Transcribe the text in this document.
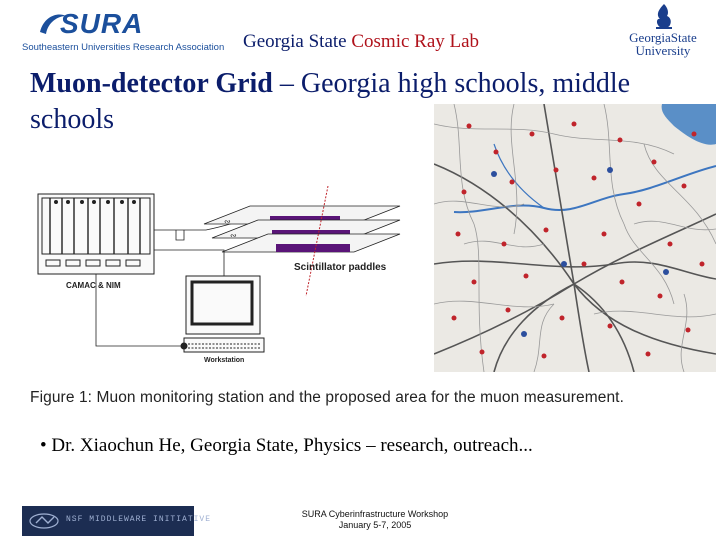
SURA
Southeastern Universities Research Association Georgia State Cosmic Ray Lab	GeorgiaState
University
Muon-detector Grid – Georgia high schools, middle schools
CAMAC & NIM
∾
∾
Scintillator paddles
Workstation
Figure 1: Muon monitoring station and the proposed area for the muon measurement.
• Dr. Xiaochun He, Georgia State, Physics – research, outreach...
NSF MIDDLEWARE INITIATIVE
SURA Cyberinfrastructure Workshop
January 5-7, 2005
